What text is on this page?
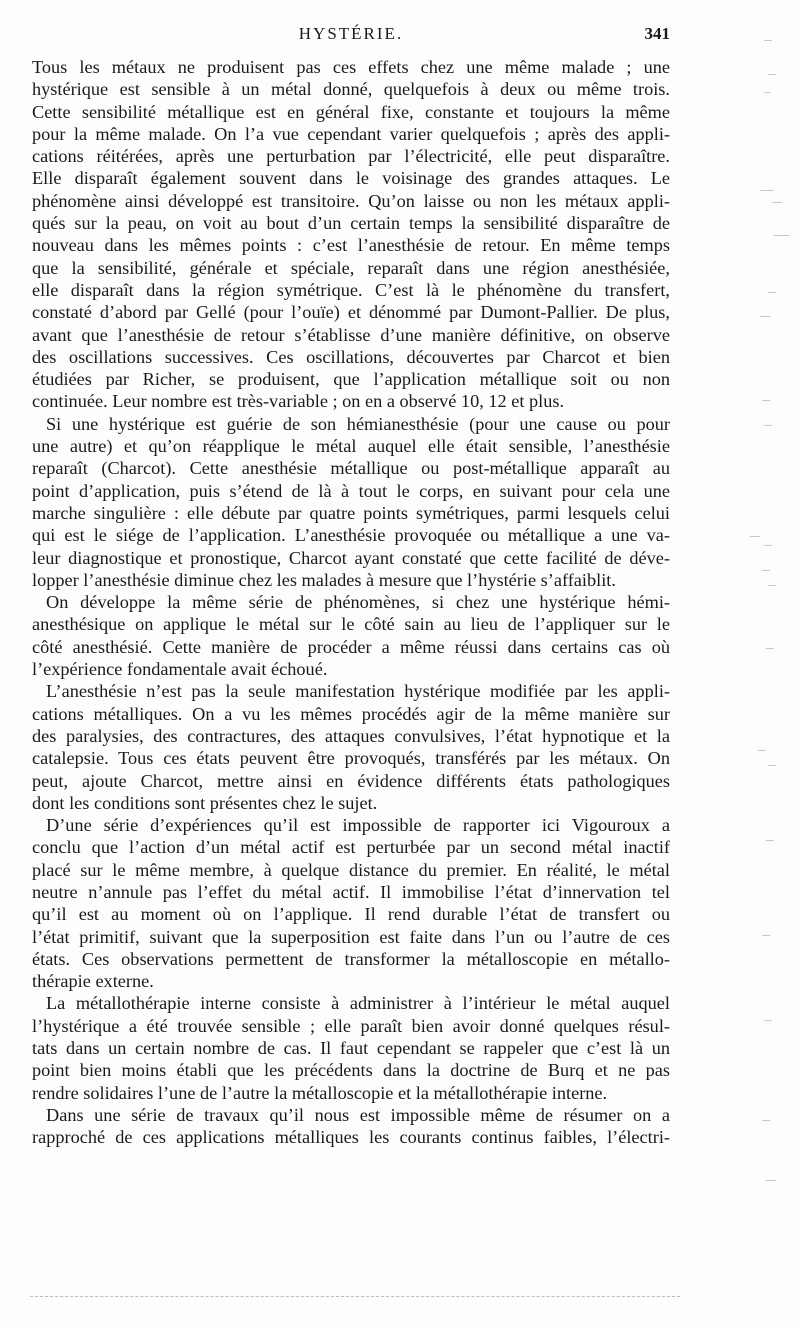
HYSTÉRIE.	341
Tous les métaux ne produisent pas ces effets chez une même malade ; une
hystérique est sensible à un métal donné, quelquefois à deux ou même trois.
Cette sensibilité métallique est en général fixe, constante et toujours la même
pour la même malade. On l’a vue cependant varier quelquefois ; après des appli-
cations réitérées, après une perturbation par l’électricité, elle peut disparaître.
Elle disparaît également souvent dans le voisinage des grandes attaques. Le
phénomène ainsi développé est transitoire. Qu’on laisse ou non les métaux appli-
qués sur la peau, on voit au bout d’un certain temps la sensibilité disparaître de
nouveau dans les mêmes points : c’est l’anesthésie de retour. En même temps
que la sensibilité, générale et spéciale, reparaît dans une région anesthésiée,
elle disparaît dans la région symétrique. C’est là le phénomène du transfert,
constaté d’abord par Gellé (pour l’ouïe) et dénommé par Dumont-Pallier. De plus,
avant que l’anesthésie de retour s’établisse d’une manière définitive, on observe
des oscillations successives. Ces oscillations, découvertes par Charcot et bien
étudiées par Richer, se produisent, que l’application métallique soit ou non
continuée. Leur nombre est très-variable ; on en a observé 10, 12 et plus.
Si une hystérique est guérie de son hémianesthésie (pour une cause ou pour
une autre) et qu’on réapplique le métal auquel elle était sensible, l’anesthésie
reparaît (Charcot). Cette anesthésie métallique ou post-métallique apparaît au
point d’application, puis s’étend de là à tout le corps, en suivant pour cela une
marche singulière : elle débute par quatre points symétriques, parmi lesquels celui
qui est le siége de l’application. L’anesthésie provoquée ou métallique a une va-
leur diagnostique et pronostique, Charcot ayant constaté que cette facilité de déve-
lopper l’anesthésie diminue chez les malades à mesure que l’hystérie s’affaiblit.
On développe la même série de phénomènes, si chez une hystérique hémi-
anesthésique on applique le métal sur le côté sain au lieu de l’appliquer sur le
côté anesthésié. Cette manière de procéder a même réussi dans certains cas où
l’expérience fondamentale avait échoué.
L’anesthésie n’est pas la seule manifestation hystérique modifiée par les appli-
cations métalliques. On a vu les mêmes procédés agir de la même manière sur
des paralysies, des contractures, des attaques convulsives, l’état hypnotique et la
catalepsie. Tous ces états peuvent être provoqués, transférés par les métaux. On
peut, ajoute Charcot, mettre ainsi en évidence différents états pathologiques
dont les conditions sont présentes chez le sujet.
D’une série d’expériences qu’il est impossible de rapporter ici Vigouroux a
conclu que l’action d’un métal actif est perturbée par un second métal inactif
placé sur le même membre, à quelque distance du premier. En réalité, le métal
neutre n’annule pas l’effet du métal actif. Il immobilise l’état d’innervation tel
qu’il est au moment où on l’applique. Il rend durable l’état de transfert ou
l’état primitif, suivant que la superposition est faite dans l’un ou l’autre de ces
états. Ces observations permettent de transformer la métalloscopie en métallo-
thérapie externe.
La métallothérapie interne consiste à administrer à l’intérieur le métal auquel
l’hystérique a été trouvée sensible ; elle paraît bien avoir donné quelques résul-
tats dans un certain nombre de cas. Il faut cependant se rappeler que c’est là un
point bien moins établi que les précédents dans la doctrine de Burq et ne pas
rendre solidaires l’une de l’autre la métalloscopie et la métallothérapie interne.
Dans une série de travaux qu’il nous est impossible même de résumer on a
rapproché de ces applications métalliques les courants continus faibles, l’électri-
